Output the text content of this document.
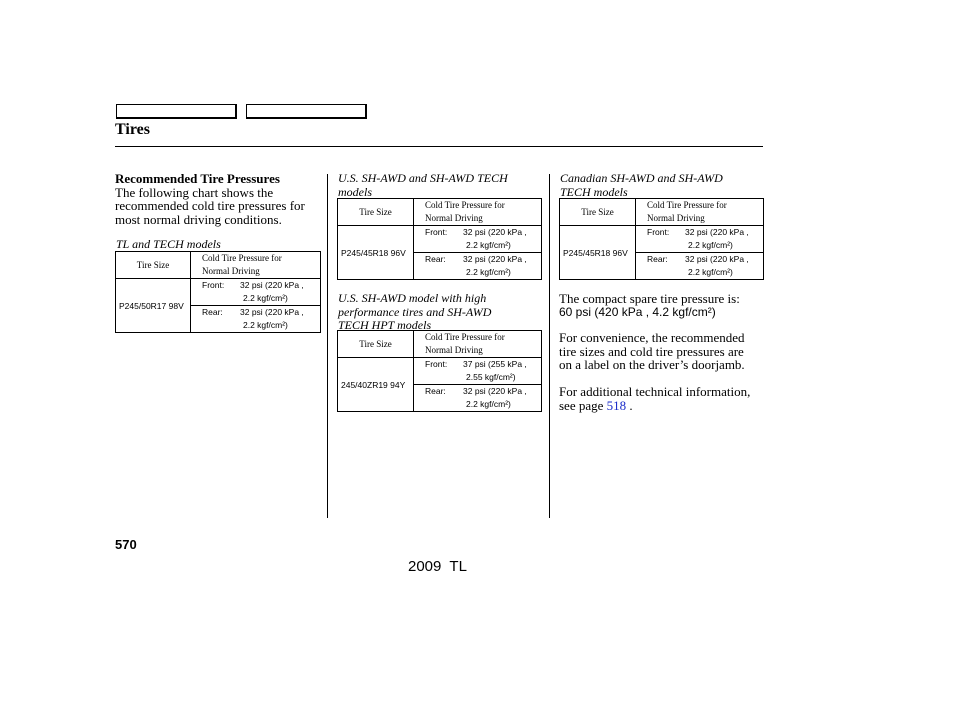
Tires
Recommended Tire Pressures
The following chart shows the
recommended cold tire pressures for
most normal driving conditions.
TL and TECH models
Tire Size	Cold Tire Pressure for
Normal Driving

P245/50R17 98V	Front: 32 psi (220 kPa ,
2.2 kgf/cm²)

	Rear: 32 psi (220 kPa ,
2.2 kgf/cm²)
U.S. SH-AWD and SH-AWD TECH
models
Tire Size	Cold Tire Pressure for
Normal Driving

P245/45R18 96V	Front: 32 psi (220 kPa ,
2.2 kgf/cm²)

	Rear: 32 psi (220 kPa ,
2.2 kgf/cm²)
U.S. SH-AWD model with high
performance tires and SH-AWD
TECH HPT models
Tire Size	Cold Tire Pressure for
Normal Driving

245/40ZR19 94Y	Front: 37 psi (255 kPa ,
2.55 kgf/cm²)

	Rear: 32 psi (220 kPa ,
2.2 kgf/cm²)
Canadian SH-AWD and SH-AWD
TECH models
Tire Size	Cold Tire Pressure for
Normal Driving

P245/45R18 96V	Front: 32 psi (220 kPa ,
2.2 kgf/cm²)

	Rear: 32 psi (220 kPa ,
2.2 kgf/cm²)
The compact spare tire pressure is:
60 psi (420 kPa , 4.2 kgf/cm²)
For convenience, the recommended
tire sizes and cold tire pressures are
on a label on the driver’s doorjamb.
For additional technical information,
see page 518 .
570
2009  TL
